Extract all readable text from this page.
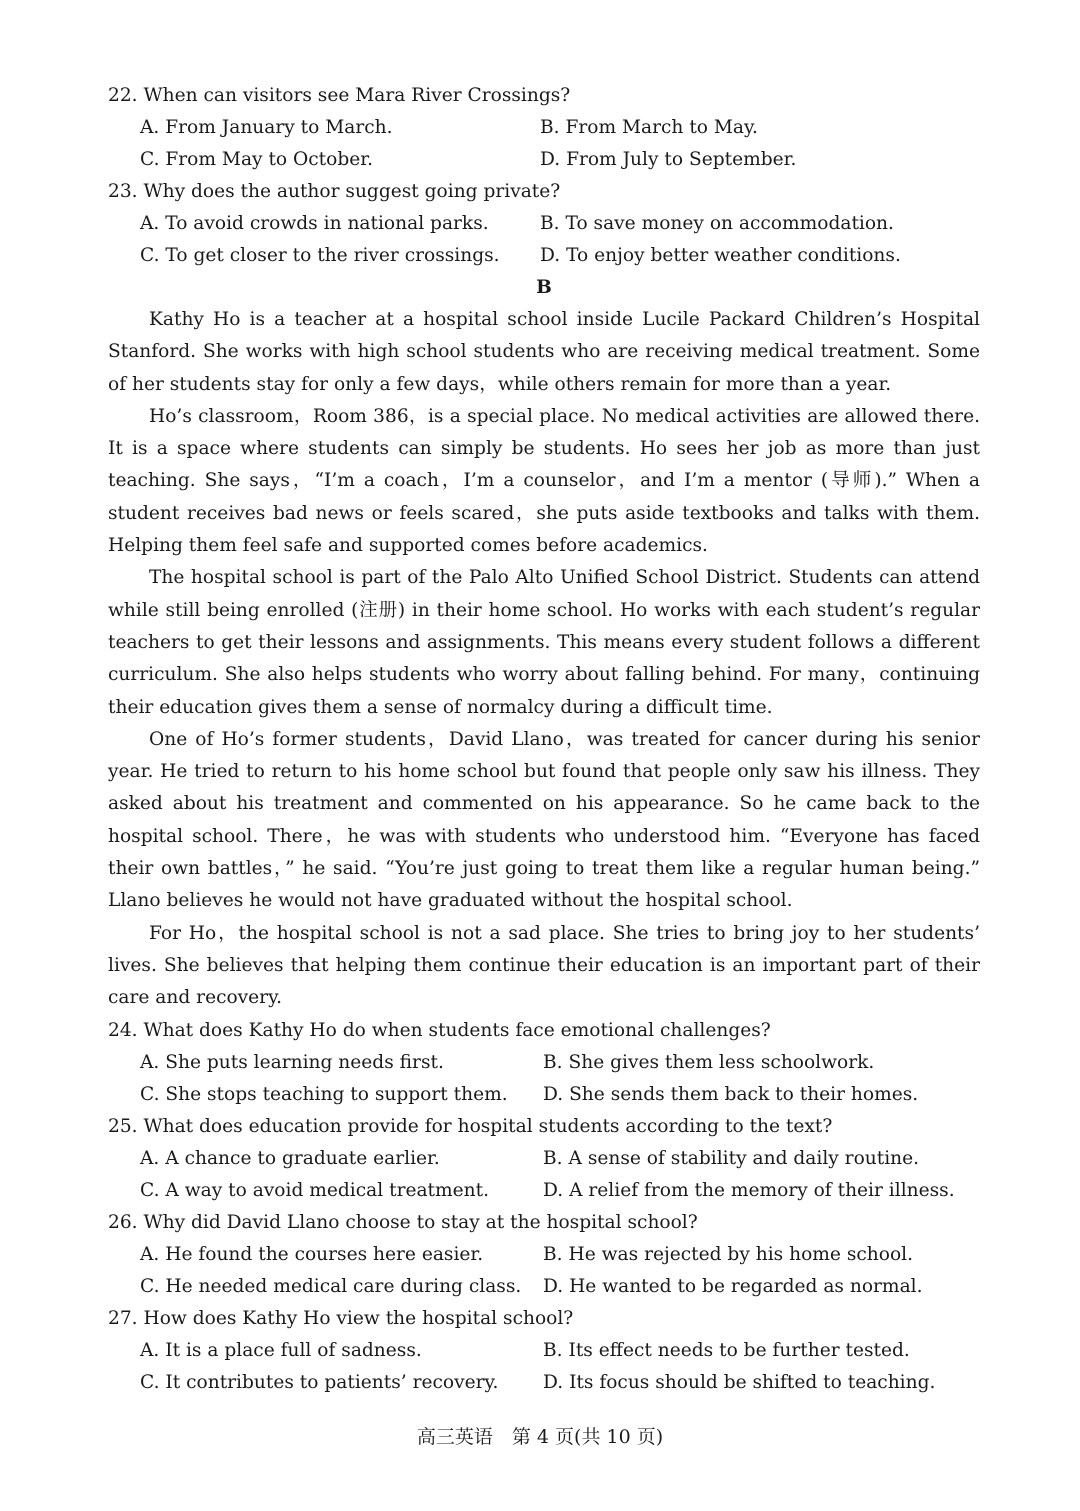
22. When can visitors see Mara River Crossings?
A. From January to March.	B. From March to May.
C. From May to October.	D. From July to September.
23. Why does the author suggest going private?
A. To avoid crowds in national parks.	B. To save money on accommodation.
C. To get closer to the river crossings.	D. To enjoy better weather conditions.
B

Kathy Ho is a teacher at a hospital school inside Lucile Packard Children’s Hospital Stanford. She works with high school students who are receiving medical treatment. Some of her students stay for only a few days，while others remain for more than a year.

Ho’s classroom，Room 386，is a special place. No medical activities are allowed there. It is a space where students can simply be students. Ho sees her job as more than just teaching. She says，“I’m a coach，I’m a counselor，and I’m a mentor (导师).” When a student receives bad news or feels scared，she puts aside textbooks and talks with them. Helping them feel safe and supported comes before academics.

The hospital school is part of the Palo Alto Unified School District. Students can attend while still being enrolled (注册) in their home school. Ho works with each student’s regular teachers to get their lessons and assignments. This means every student follows a different curriculum. She also helps students who worry about falling behind. For many，continuing their education gives them a sense of normalcy during a difficult time.

One of Ho’s former students，David Llano，was treated for cancer during his senior year. He tried to return to his home school but found that people only saw his illness. They asked about his treatment and commented on his appearance. So he came back to the hospital school. There，he was with students who understood him. “Everyone has faced their own battles，” he said. “You’re just going to treat them like a regular human being.” Llano believes he would not have graduated without the hospital school.

For Ho，the hospital school is not a sad place. She tries to bring joy to her students’ lives. She believes that helping them continue their education is an important part of their care and recovery.

24. What does Kathy Ho do when students face emotional challenges?
A. She puts learning needs first.	B. She gives them less schoolwork.
C. She stops teaching to support them.	D. She sends them back to their homes.
25. What does education provide for hospital students according to the text?
A. A chance to graduate earlier.	B. A sense of stability and daily routine.
C. A way to avoid medical treatment.	D. A relief from the memory of their illness.
26. Why did David Llano choose to stay at the hospital school?
A. He found the courses here easier.	B. He was rejected by his home school.
C. He needed medical care during class.	D. He wanted to be regarded as normal.
27. How does Kathy Ho view the hospital school?
A. It is a place full of sadness.	B. Its effect needs to be further tested.
C. It contributes to patients’ recovery.	D. Its focus should be shifted to teaching.
高三英语　第 4 页(共 10 页)
